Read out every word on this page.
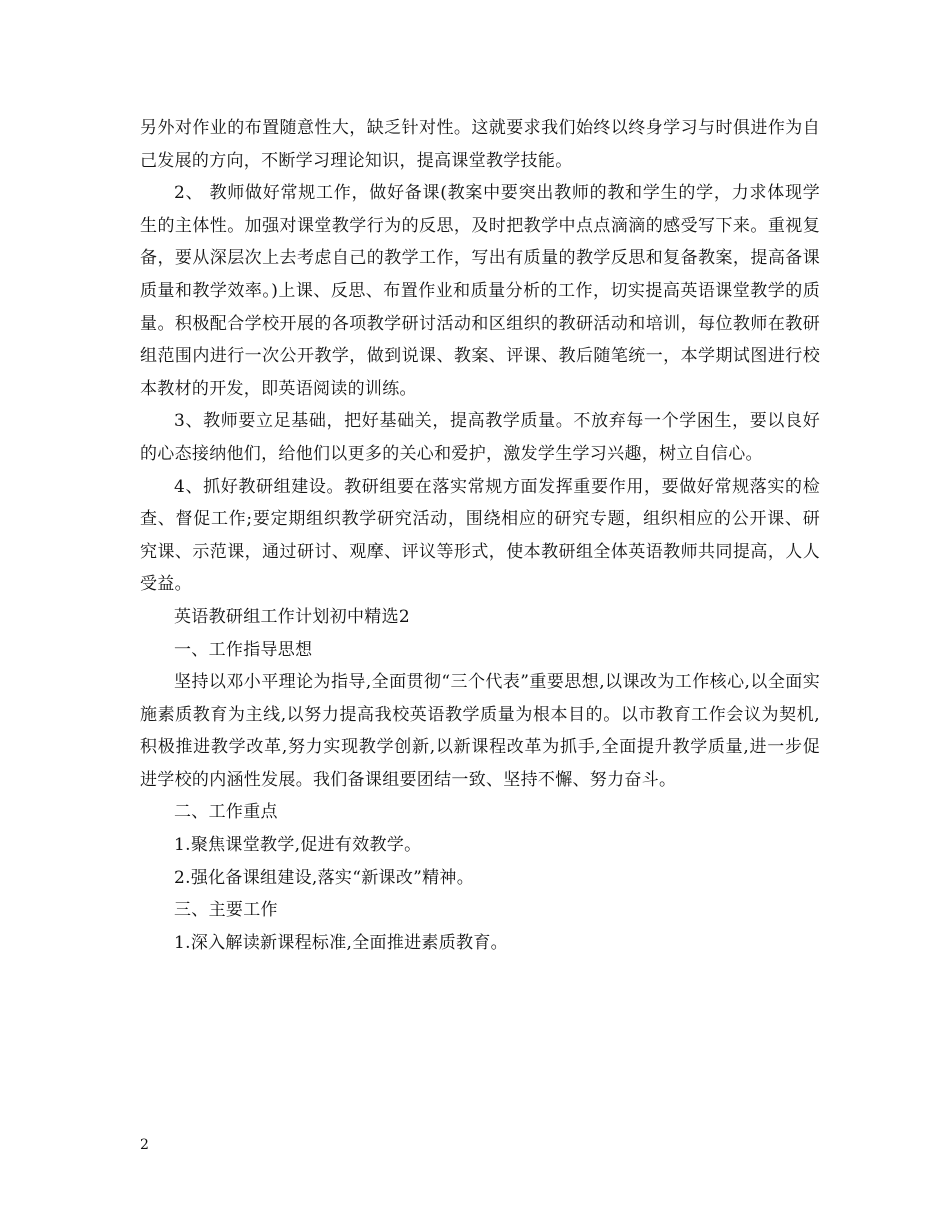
另外对作业的布置随意性大，缺乏针对性。这就要求我们始终以终身学习与时俱进作为自己发展的方向，不断学习理论知识，提高课堂教学技能。

2、 教师做好常规工作，做好备课(教案中要突出教师的教和学生的学，力求体现学生的主体性。加强对课堂教学行为的反思，及时把教学中点点滴滴的感受写下来。重视复备，要从深层次上去考虑自己的教学工作，写出有质量的教学反思和复备教案，提高备课质量和教学效率。)上课、反思、布置作业和质量分析的工作，切实提高英语课堂教学的质量。积极配合学校开展的各项教学研讨活动和区组织的教研活动和培训，每位教师在教研组范围内进行一次公开教学，做到说课、教案、评课、教后随笔统一，本学期试图进行校本教材的开发，即英语阅读的训练。

3、教师要立足基础，把好基础关，提高教学质量。不放弃每一个学困生，要以良好的心态接纳他们，给他们以更多的关心和爱护，激发学生学习兴趣，树立自信心。

4、抓好教研组建设。教研组要在落实常规方面发挥重要作用，要做好常规落实的检查、督促工作;要定期组织教学研究活动，围绕相应的研究专题，组织相应的公开课、研究课、示范课，通过研讨、观摩、评议等形式，使本教研组全体英语教师共同提高，人人受益。

英语教研组工作计划初中精选2

一、工作指导思想

坚持以邓小平理论为指导,全面贯彻“三个代表”重要思想,以课改为工作核心,以全面实施素质教育为主线,以努力提高我校英语教学质量为根本目的。以市教育工作会议为契机,积极推进教学改革,努力实现教学创新,以新课程改革为抓手,全面提升教学质量,进一步促进学校的内涵性发展。我们备课组要团结一致、坚持不懈、努力奋斗。

二、工作重点

1.聚焦课堂教学,促进有效教学。

2.强化备课组建设,落实“新课改”精神。

三、主要工作

1.深入解读新课程标准,全面推进素质教育。

2
